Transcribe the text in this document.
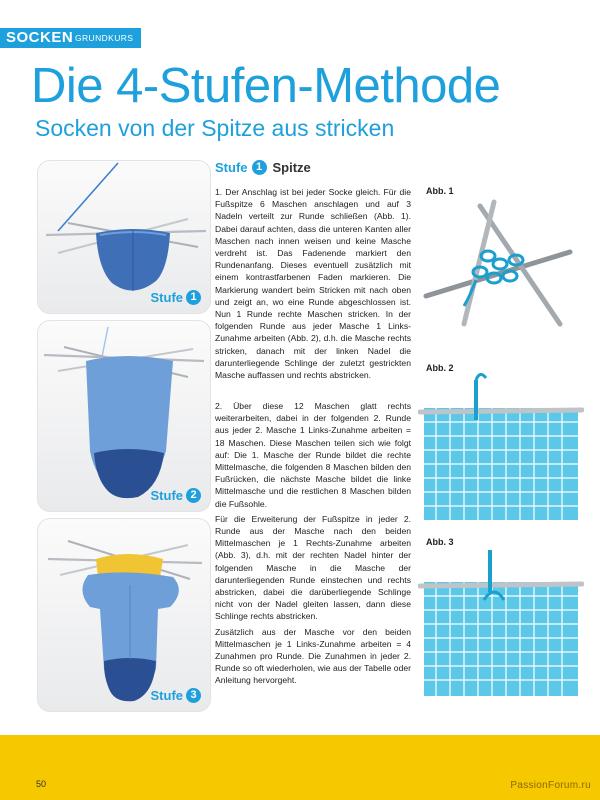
SOCKEN GRUNDKURS
Die 4-Stufen-Methode
Socken von der Spitze aus stricken
Stufe 1
Stufe 2
Stufe 3
Stufe 1 Spitze

1. Der Anschlag ist bei jeder Socke gleich. Für die Fußspitze 6 Maschen anschlagen und auf 3 Nadeln verteilt zur Runde schließen (Abb. 1). Dabei darauf achten, dass die unteren Kanten aller Maschen nach innen weisen und keine Masche verdreht ist. Das Fadenende markiert den Rundenanfang. Dieses eventuell zusätzlich mit einem kontrastfarbenen Faden markieren. Die Markierung wandert beim Stricken mit nach oben und zeigt an, wo eine Runde abgeschlossen ist. Nun 1 Runde rechte Maschen stricken. In der folgenden Runde aus jeder Masche 1 Links-Zunahme arbeiten (Abb. 2), d.h. die Masche rechts stricken, danach mit der linken Nadel die darunterliegende Schlinge der zuletzt gestrickten Masche auffassen und rechts abstricken.

2. Über diese 12 Maschen glatt rechts weiterarbeiten, dabei in der folgenden 2. Runde aus jeder 2. Masche 1 Links-Zunahme arbeiten = 18 Maschen. Diese Maschen teilen sich wie folgt auf: Die 1. Masche der Runde bildet die rechte Mittelmasche, die folgenden 8 Maschen bilden den Fußrücken, die nächste Masche bildet die linke Mittelmasche und die restlichen 8 Maschen bilden die Fußsohle.

Für die Erweiterung der Fußspitze in jeder 2. Runde aus der Masche nach den beiden Mittelmaschen je 1 Rechts-Zunahme arbeiten (Abb. 3), d.h. mit der rechten Nadel hinter der folgenden Masche in die Masche der darunterliegenden Runde einstechen und rechts abstricken, dabei die darüberliegende Schlinge nicht von der Nadel gleiten lassen, dann diese Schlinge rechts abstricken.

Zusätzlich aus der Masche vor den beiden Mittelmaschen je 1 Links-Zunahme arbeiten = 4 Zunahmen pro Runde. Die Zunahmen in jeder 2. Runde so oft wiederholen, wie aus der Tabelle oder Anleitung hervorgeht.

Abb. 1
Abb. 2
Abb. 3
50	PassionForum.ru
